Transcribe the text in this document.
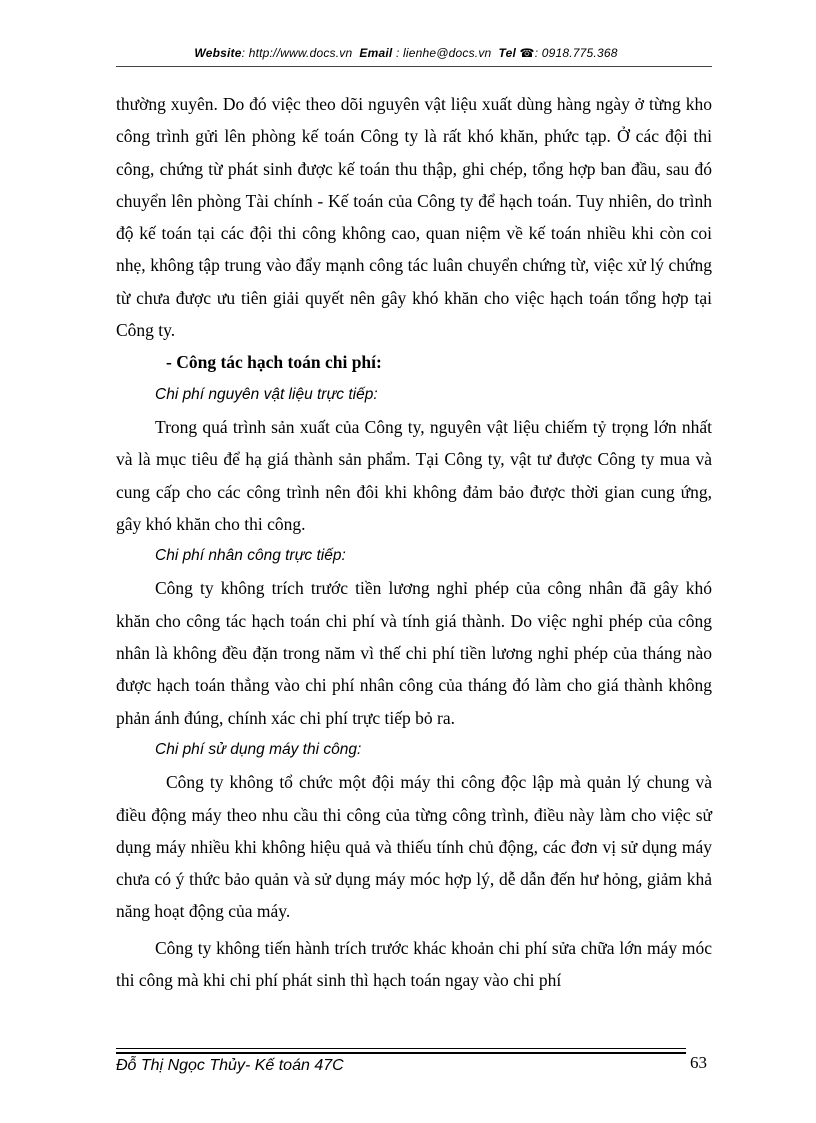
Website: http://www.docs.vn Email : lienhe@docs.vn Tel ☎: 0918.775.368

thường xuyên. Do đó việc theo dõi nguyên vật liệu xuất dùng hàng ngày ở từng kho công trình gửi lên phòng kế toán Công ty là rất khó khăn, phức tạp. Ở các đội thi công, chứng từ phát sinh được kế toán thu thập, ghi chép, tổng hợp ban đầu, sau đó chuyển lên phòng Tài chính - Kế toán của Công ty để hạch toán. Tuy nhiên, do trình độ kế toán tại các đội thi công không cao, quan niệm về kế toán nhiều khi còn coi nhẹ, không tập trung vào đẩy mạnh công tác luân chuyển chứng từ, việc xử lý chứng từ chưa được ưu tiên giải quyết nên gây khó khăn cho việc hạch toán tổng hợp tại Công ty.

- Công tác hạch toán chi phí:

Chi phí nguyên vật liệu trực tiếp:

Trong quá trình sản xuất của Công ty, nguyên vật liệu chiếm tỷ trọng lớn nhất và là mục tiêu để hạ giá thành sản phẩm. Tại Công ty, vật tư được Công ty mua và cung cấp cho các công trình nên đôi khi không đảm bảo được thời gian cung ứng, gây khó khăn cho thi công.

Chi phí nhân công trực tiếp:

Công ty không trích trước tiền lương nghỉ phép của công nhân đã gây khó khăn cho công tác hạch toán chi phí và tính giá thành. Do việc nghỉ phép của công nhân là không đều đặn trong năm vì thế chi phí tiền lương nghỉ phép của tháng nào được hạch toán thẳng vào chi phí nhân công của tháng đó làm cho giá thành không phản ánh đúng, chính xác chi phí trực tiếp bỏ ra.

Chi phí sử dụng máy thi công:

Công ty không tổ chức một đội máy thi công độc lập mà quản lý chung và điều động máy theo nhu cầu thi công của từng công trình, điều này làm cho việc sử dụng máy nhiều khi không hiệu quả và thiếu tính chủ động, các đơn vị sử dụng máy chưa có ý thức bảo quản và sử dụng máy móc hợp lý, dễ dẫn đến hư hỏng, giảm khả năng hoạt động của máy.

Công ty không tiến hành trích trước khác khoản chi phí sửa chữa lớn máy móc thi công mà khi chi phí phát sinh thì hạch toán ngay vào chi phí

Đỗ Thị Ngọc Thủy- Kế toán 47C	63
